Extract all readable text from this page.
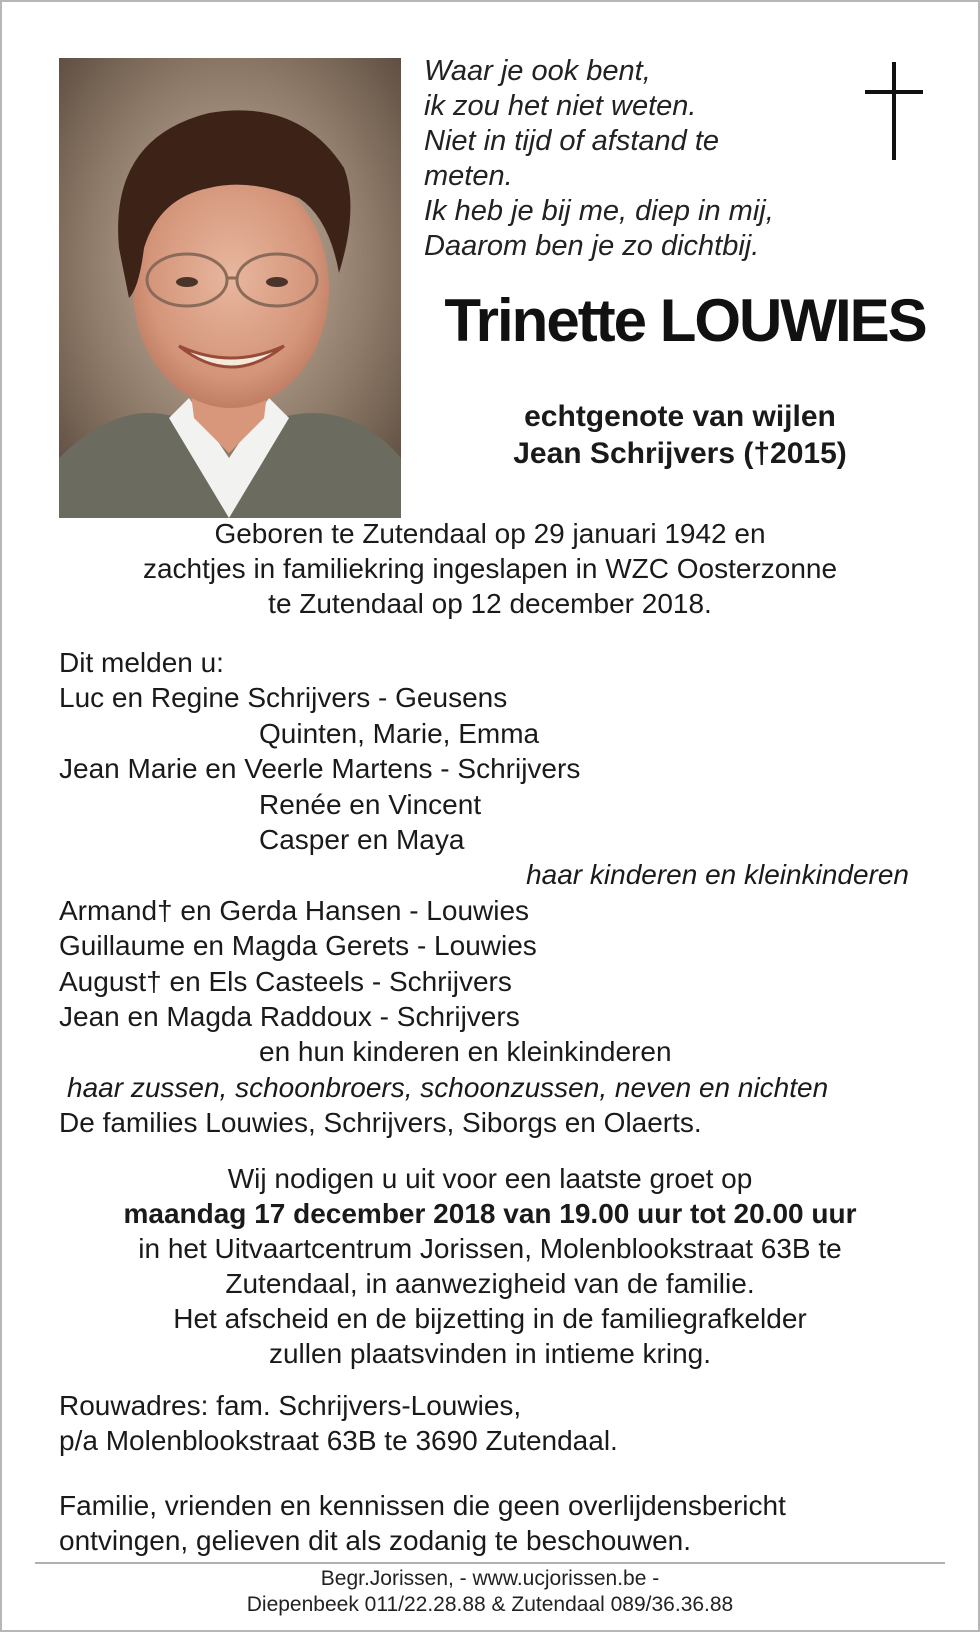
Waar je ook bent,
ik zou het niet weten.
Niet in tijd of afstand te
meten.
Ik heb je bij me, diep in mij,
Daarom ben je zo dichtbij.
Trinette LOUWIES
echtgenote van wijlen
Jean Schrijvers (†2015)
Geboren te Zutendaal op 29 januari 1942 en
zachtjes in familiekring ingeslapen in WZC Oosterzonne
te Zutendaal op 12 december 2018.
Dit melden u:
Luc en Regine Schrijvers - Geusens
Quinten, Marie, Emma
Jean Marie en Veerle Martens - Schrijvers
Renée en Vincent
Casper en Maya
haar kinderen en kleinkinderen
Armand† en Gerda Hansen - Louwies
Guillaume en Magda Gerets - Louwies
August† en Els Casteels - Schrijvers
Jean en Magda Raddoux - Schrijvers
en hun kinderen en kleinkinderen
haar zussen, schoonbroers, schoonzussen, neven en nichten
De families Louwies, Schrijvers, Siborgs en Olaerts.
Wij nodigen u uit voor een laatste groet op
maandag 17 december 2018 van 19.00 uur tot 20.00 uur
in het Uitvaartcentrum Jorissen, Molenblookstraat 63B te
Zutendaal, in aanwezigheid van de familie.
Het afscheid en de bijzetting in de familiegrafkelder
zullen plaatsvinden in intieme kring.
Rouwadres: fam. Schrijvers-Louwies,
p/a Molenblookstraat 63B te 3690 Zutendaal.
Familie, vrienden en kennissen die geen overlijdensbericht
ontvingen, gelieven dit als zodanig te beschouwen.
Begr.Jorissen, - www.ucjorissen.be -
Diepenbeek 011/22.28.88 & Zutendaal 089/36.36.88
